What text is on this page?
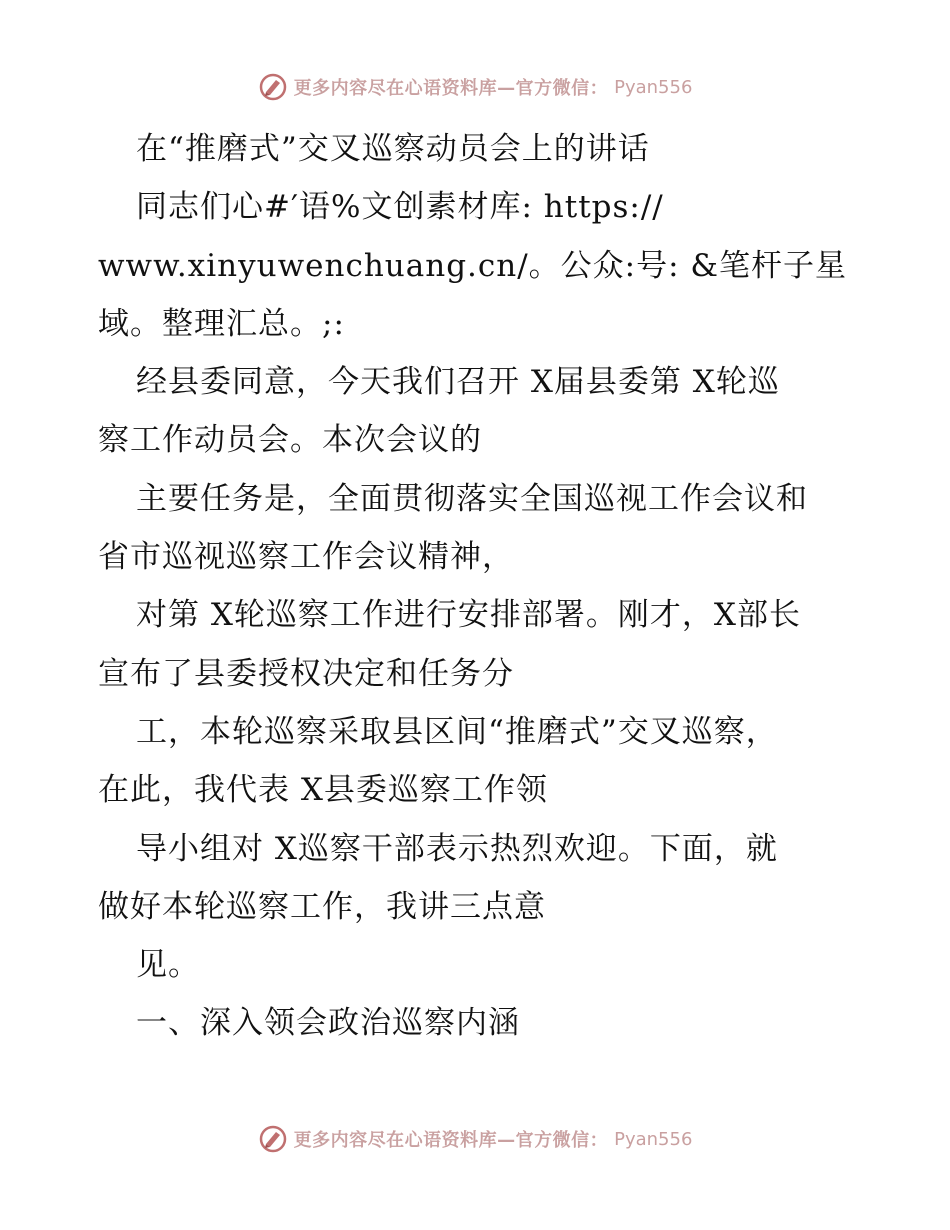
更多内容尽在心语资料库—官方微信： Pyan556
在“推磨式”交叉巡察动员会上的讲话
同志们心#′语%文创素材库: https://
www.xinyuwenchuang.cn/。公众:号: &笔杆子星
域。整理汇总。;:
经县委同意，今天我们召开 X届县委第 X轮巡
察工作动员会。本次会议的
主要任务是，全面贯彻落实全国巡视工作会议和
省市巡视巡察工作会议精神，
对第 X轮巡察工作进行安排部署。刚才，X部长
宣布了县委授权决定和任务分
工，本轮巡察采取县区间“推磨式”交叉巡察，
在此，我代表 X县委巡察工作领
导小组对 X巡察干部表示热烈欢迎。下面，就
做好本轮巡察工作，我讲三点意
见。
一、深入领会政治巡察内涵
更多内容尽在心语资料库—官方微信： Pyan556
